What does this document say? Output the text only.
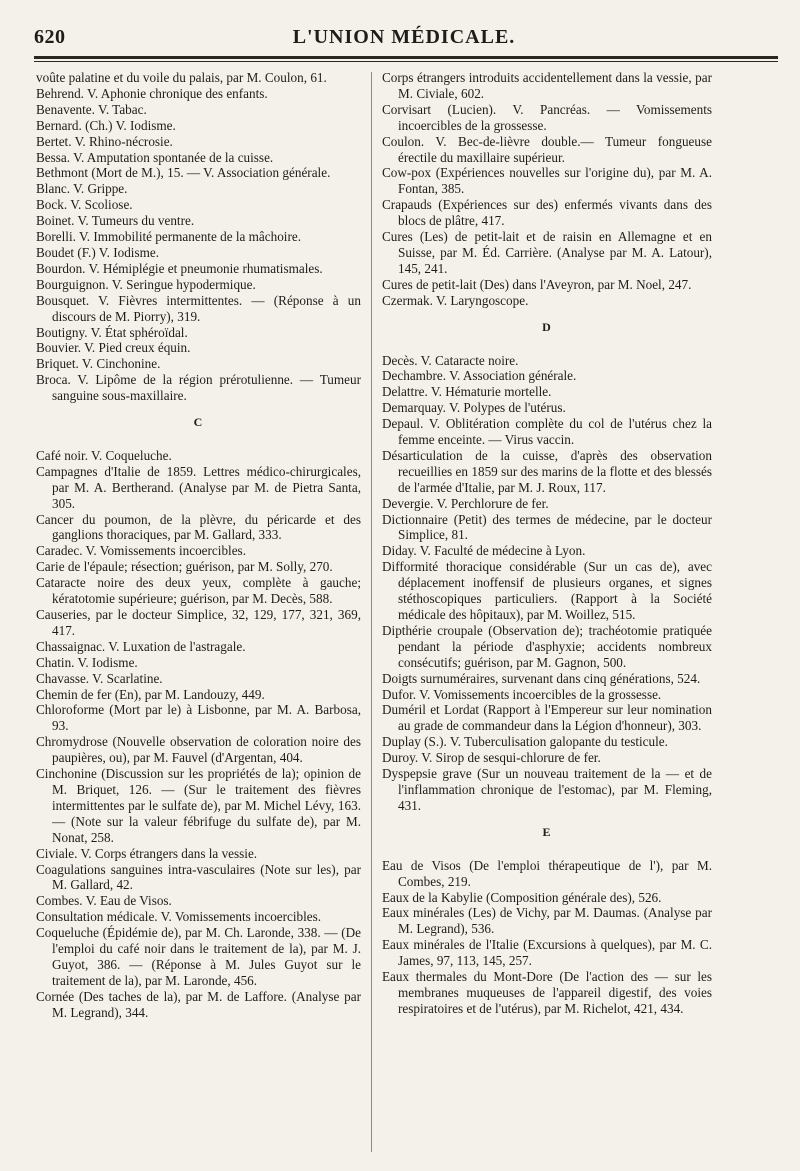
620	L'UNION MÉDICALE.

voûte palatine et du voile du palais, par M. Coulon, 61.

Behrend. V. Aphonie chronique des enfants.

Benavente. V. Tabac.

Bernard. (Ch.) V. Iodisme.

Bertet. V. Rhino-nécrosie.

Bessa. V. Amputation spontanée de la cuisse.

Bethmont (Mort de M.), 15. — V. Association générale.

Blanc. V. Grippe.

Bock. V. Scoliose.

Boinet. V. Tumeurs du ventre.

Borelli. V. Immobilité permanente de la mâchoire.

Boudet (F.) V. Iodisme.

Bourdon. V. Hémiplégie et pneumonie rhumatismales.

Bourguignon. V. Seringue hypodermique.

Bousquet. V. Fièvres intermittentes. — (Réponse à un discours de M. Piorry), 319.

Boutigny. V. État sphéroïdal.

Bouvier. V. Pied creux équin.

Briquet. V. Cinchonine.

Broca. V. Lipôme de la région prérotulienne. — Tumeur sanguine sous-maxillaire.

C

Café noir. V. Coqueluche.

Campagnes d'Italie de 1859. Lettres médico-chirurgicales, par M. A. Bertherand. (Analyse par M. de Pietra Santa, 305.

Cancer du poumon, de la plèvre, du péricarde et des ganglions thoraciques, par M. Gallard, 333.

Caradec. V. Vomissements incoercibles.

Carie de l'épaule; résection; guérison, par M. Solly, 270.

Cataracte noire des deux yeux, complète à gauche; kératotomie supérieure; guérison, par M. Decès, 588.

Causeries, par le docteur Simplice, 32, 129, 177, 321, 369, 417.

Chassaignac. V. Luxation de l'astragale.

Chatin. V. Iodisme.

Chavasse. V. Scarlatine.

Chemin de fer (En), par M. Landouzy, 449.

Chloroforme (Mort par le) à Lisbonne, par M. A. Barbosa, 93.

Chromydrose (Nouvelle observation de coloration noire des paupières, ou), par M. Fauvel (d'Argentan, 404.

Cinchonine (Discussion sur les propriétés de la); opinion de M. Briquet, 126. — (Sur le traitement des fièvres intermittentes par le sulfate de), par M. Michel Lévy, 163. — (Note sur la valeur fébrifuge du sulfate de), par M. Nonat, 258.

Civiale. V. Corps étrangers dans la vessie.

Coagulations sanguines intra-vasculaires (Note sur les), par M. Gallard, 42.

Combes. V. Eau de Visos.

Consultation médicale. V. Vomissements incoercibles.

Coqueluche (Épidémie de), par M. Ch. Laronde, 338. — (De l'emploi du café noir dans le traitement de la), par M. J. Guyot, 386. — (Réponse à M. Jules Guyot sur le traitement de la), par M. Laronde, 456.

Cornée (Des taches de la), par M. de Laffore. (Analyse par M. Legrand), 344.

Corps étrangers introduits accidentellement dans la vessie, par M. Civiale, 602.

Corvisart (Lucien). V. Pancréas. — Vomissements incoercibles de la grossesse.

Coulon. V. Bec-de-lièvre double.— Tumeur fongueuse érectile du maxillaire supérieur.

Cow-pox (Expériences nouvelles sur l'origine du), par M. A. Fontan, 385.

Crapauds (Expériences sur des) enfermés vivants dans des blocs de plâtre, 417.

Cures (Les) de petit-lait et de raisin en Allemagne et en Suisse, par M. Éd. Carrière. (Analyse par M. A. Latour), 145, 241.

Cures de petit-lait (Des) dans l'Aveyron, par M. Noel, 247.

Czermak. V. Laryngoscope.

D

Decès. V. Cataracte noire.

Dechambre. V. Association générale.

Delattre. V. Hématurie mortelle.

Demarquay. V. Polypes de l'utérus.

Depaul. V. Oblitération complète du col de l'utérus chez la femme enceinte. — Virus vaccin.

Désarticulation de la cuisse, d'après des observation recueillies en 1859 sur des marins de la flotte et des blessés de l'armée d'Italie, par M. J. Roux, 117.

Devergie. V. Perchlorure de fer.

Dictionnaire (Petit) des termes de médecine, par le docteur Simplice, 81.

Diday. V. Faculté de médecine à Lyon.

Difformité thoracique considérable (Sur un cas de), avec déplacement inoffensif de plusieurs organes, et signes stéthoscopiques particuliers. (Rapport à la Société médicale des hôpitaux), par M. Woillez, 515.

Dipthérie croupale (Observation de); trachéotomie pratiquée pendant la période d'asphyxie; accidents nombreux consécutifs; guérison, par M. Gagnon, 500.

Doigts surnuméraires, survenant dans cinq générations, 524.

Dufor. V. Vomissements incoercibles de la grossesse.

Duméril et Lordat (Rapport à l'Empereur sur leur nomination au grade de commandeur dans la Légion d'honneur), 303.

Duplay (S.). V. Tuberculisation galopante du testicule.

Duroy. V. Sirop de sesqui-chlorure de fer.

Dyspepsie grave (Sur un nouveau traitement de la — et de l'inflammation chronique de l'estomac), par M. Fleming, 431.

E

Eau de Visos (De l'emploi thérapeutique de l'), par M. Combes, 219.

Eaux de la Kabylie (Composition générale des), 526.

Eaux minérales (Les) de Vichy, par M. Daumas. (Analyse par M. Legrand), 536.

Eaux minérales de l'Italie (Excursions à quelques), par M. C. James, 97, 113, 145, 257.

Eaux thermales du Mont-Dore (De l'action des — sur les membranes muqueuses de l'appareil digestif, des voies respiratoires et de l'utérus), par M. Richelot, 421, 434.
